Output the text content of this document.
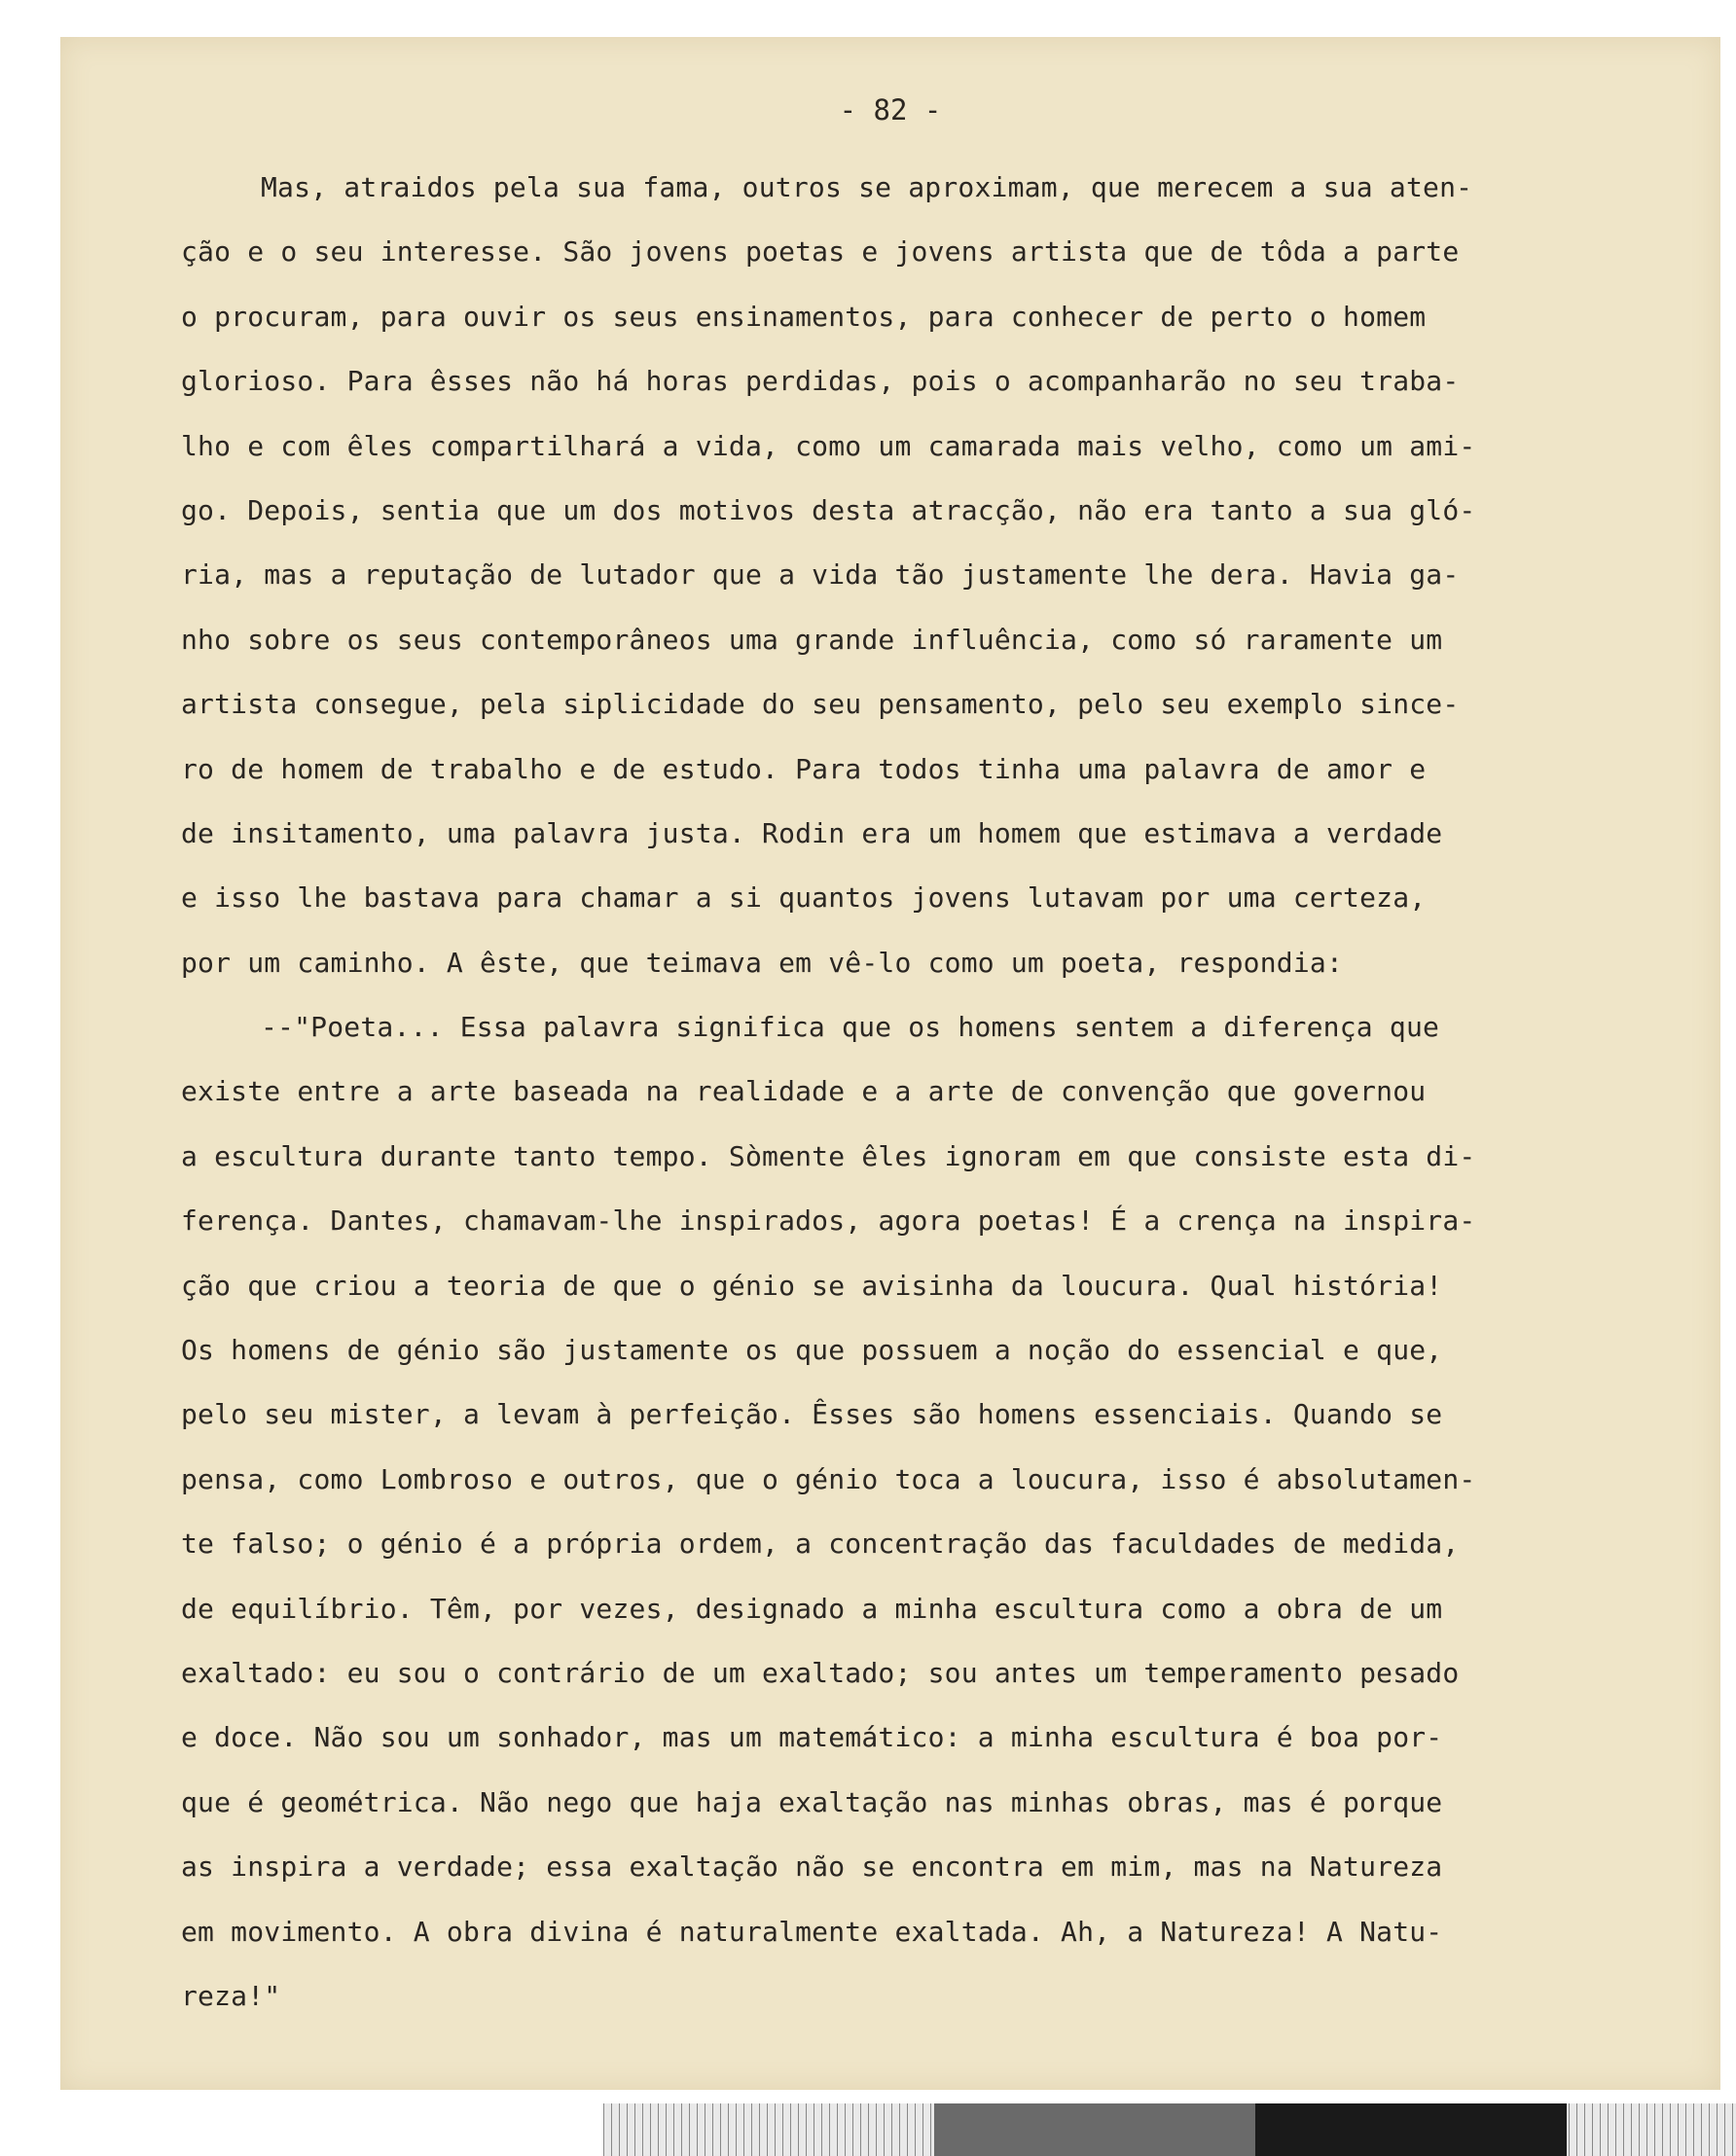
- 82 -
Mas, atraidos pela sua fama, outros se aproximam, que merecem a sua aten-
ção e o seu interesse. São jovens poetas e jovens artista que de tôda a parte
o procuram, para ouvir os seus ensinamentos, para conhecer de perto o homem
glorioso. Para êsses não há horas perdidas, pois o acompanharão no seu traba-
lho e com êles compartilhará a vida, como um camarada mais velho, como um ami-
go. Depois, sentia que um dos motivos desta atracção, não era tanto a sua gló-
ria, mas a reputação de lutador que a vida tão justamente lhe dera. Havia ga-
nho sobre os seus contemporâneos uma grande influência, como só raramente um
artista consegue, pela siplicidade do seu pensamento, pelo seu exemplo since-
ro de homem de trabalho e de estudo. Para todos tinha uma palavra de amor e
de insitamento, uma palavra justa. Rodin era um homem que estimava a verdade
e isso lhe bastava para chamar a si quantos jovens lutavam por uma certeza,
por um caminho. A êste, que teimava em vê-lo como um poeta, respondia:
--"Poeta... Essa palavra significa que os homens sentem a diferença que
existe entre a arte baseada na realidade e a arte de convenção que governou
a escultura durante tanto tempo. Sòmente êles ignoram em que consiste esta di-
ferença. Dantes, chamavam-lhe inspirados, agora poetas! É a crença na inspira-
ção que criou a teoria de que o génio se avisinha da loucura. Qual história!
Os homens de génio são justamente os que possuem a noção do essencial e que,
pelo seu mister, a levam à perfeição. Êsses são homens essenciais. Quando se
pensa, como Lombroso e outros, que o génio toca a loucura, isso é absolutamen-
te falso; o génio é a própria ordem, a concentração das faculdades de medida,
de equilíbrio. Têm, por vezes, designado a minha escultura como a obra de um
exaltado: eu sou o contrário de um exaltado; sou antes um temperamento pesado
e doce. Não sou um sonhador, mas um matemático: a minha escultura é boa por-
que é geométrica. Não nego que haja exaltação nas minhas obras, mas é porque
as inspira a verdade; essa exaltação não se encontra em mim, mas na Natureza
em movimento. A obra divina é naturalmente exaltada. Ah, a Natureza! A Natu-
reza!"
